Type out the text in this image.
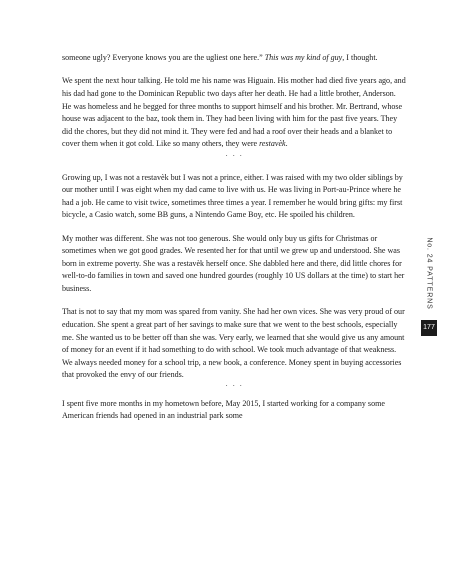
someone ugly? Everyone knows you are the ugliest one here.” This was my kind of guy, I thought.

We spent the next hour talking. He told me his name was Higuain. His mother had died five years ago, and his dad had gone to the Dominican Republic two days after her death. He had a little brother, Anderson. He was homeless and he begged for three months to support himself and his brother. Mr. Bertrand, whose house was adjacent to the baz, took them in. They had been living with him for the past five years. They did the chores, but they did not mind it. They were fed and had a roof over their heads and a blanket to cover them when it got cold. Like so many others, they were restavèk.

· · ·

Growing up, I was not a restavèk but I was not a prince, either. I was raised with my two older siblings by our mother until I was eight when my dad came to live with us. He was living in Port-au-Prince where he had a job. He came to visit twice, sometimes three times a year. I remember he would bring gifts: my first bicycle, a Casio watch, some BB guns, a Nintendo Game Boy, etc. He spoiled his children.

My mother was different. She was not too generous. She would only buy us gifts for Christmas or sometimes when we got good grades. We resented her for that until we grew up and understood. She was born in extreme poverty. She was a restavèk herself once. She dabbled here and there, did little chores for well-to-do families in town and saved one hundred gourdes (roughly 10 US dollars at the time) to start her business.

That is not to say that my mom was spared from vanity. She had her own vices. She was very proud of our education. She spent a great part of her savings to make sure that we went to the best schools, especially me. She wanted us to be better off than she was. Very early, we learned that she would give us any amount of money for an event if it had something to do with school. We took much advantage of that weakness. We always needed money for a school trip, a new book, a conference. Money spent in buying accessories that provoked the envy of our friends.

· · ·

I spent five more months in my hometown before, May 2015, I started working for a company some American friends had opened in an industrial park some

No. 24 PATTERNS
177
